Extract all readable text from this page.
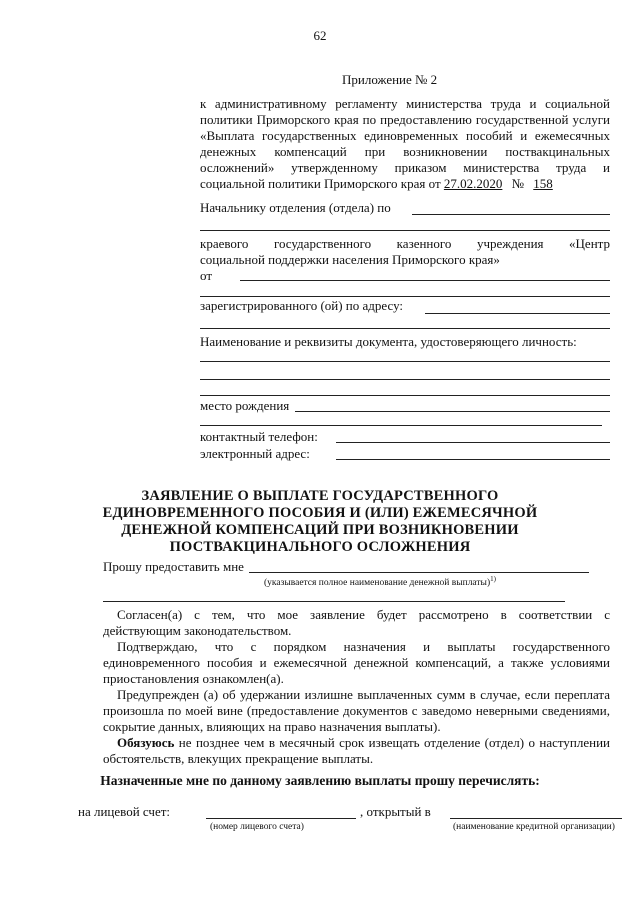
62
Приложение № 2
к административному регламенту министерства труда и социальной
политики Приморского края по предоставлению государственной услуги
«Выплата государственных единовременных пособий и ежемесячных
денежных компенсаций при возникновении поствакцинальных
осложнений» утвержденному приказом министерства труда и
социальной политики Приморского края от 27.02.2020 № 158
Начальнику отделения (отдела) по
краевого государственного казенного учреждения «Центр
социальной поддержки населения Приморского края»
от
зарегистрированного (ой) по адресу:
Наименование и реквизиты документа, удостоверяющего личность:
место рождения
контактный телефон:
электронный адрес:
ЗАЯВЛЕНИЕ О ВЫПЛАТЕ ГОСУДАРСТВЕННОГО
ЕДИНОВРЕМЕННОГО ПОСОБИЯ И (ИЛИ) ЕЖЕМЕСЯЧНОЙ
ДЕНЕЖНОЙ КОМПЕНСАЦИЙ ПРИ ВОЗНИКНОВЕНИИ
ПОСТВАКЦИНАЛЬНОГО ОСЛОЖНЕНИЯ
Прошу предоставить мне
(указывается полное наименование денежной выплаты)$^{1)}$
Согласен(а) с тем, что мое заявление будет рассмотрено в соответствии с
действующим законодательством.
Подтверждаю, что с порядком назначения и выплаты государственного
единовременного пособия и ежемесячной денежной компенсаций, а также условиями
приостановления ознакомлен(а).
Предупрежден (а) об удержании излишне выплаченных сумм в случае, если переплата
произошла по моей вине (предоставление документов с заведомо неверными сведениями,
сокрытие данных, влияющих на право назначения выплаты).
Обязуюсь не позднее чем в месячный срок извещать отделение (отдел) о наступлении
обстоятельств, влекущих прекращение выплаты.
Назначенные мне по данному заявлению выплаты прошу перечислять:
на лицевой счет:	, открытый в
(номер лицевого счета)	(наименование кредитной организации)
